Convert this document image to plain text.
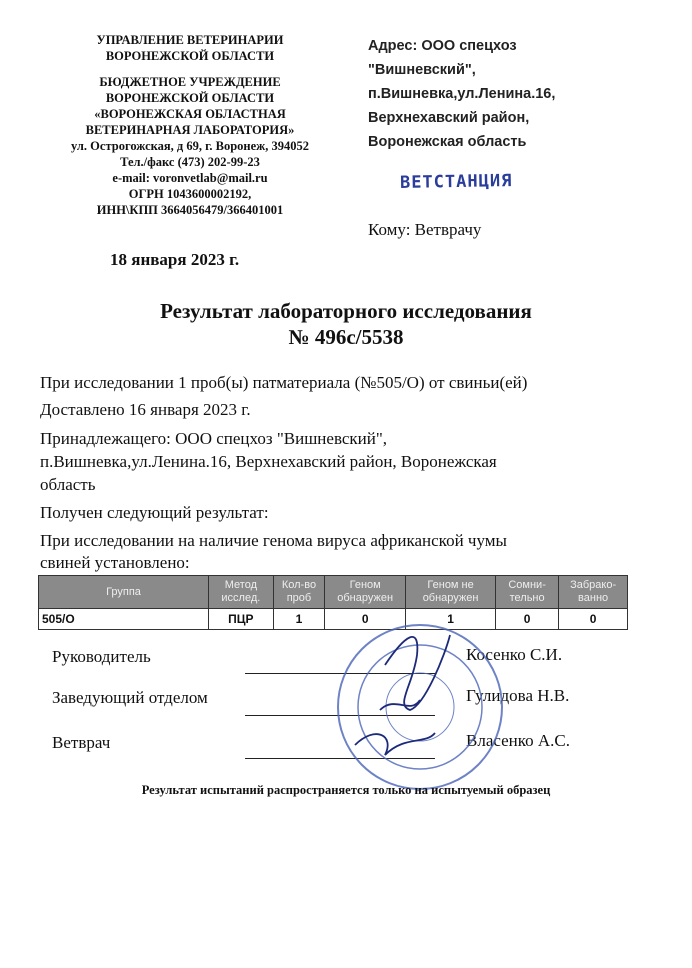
УПРАВЛЕНИЕ ВЕТЕРИНАРИИ
ВОРОНЕЖСКОЙ ОБЛАСТИ
БЮДЖЕТНОЕ УЧРЕЖДЕНИЕ
ВОРОНЕЖСКОЙ ОБЛАСТИ
«ВОРОНЕЖСКАЯ ОБЛАСТНАЯ
ВЕТЕРИНАРНАЯ ЛАБОРАТОРИЯ»
ул. Острогожская, д 69, г. Воронеж, 394052
Тел./факс (473) 202-99-23
e-mail: voronvetlab@mail.ru
ОГРН 1043600002192,
ИНН\КПП 3664056479/366401001
Адрес: ООО спецхоз
"Вишневский",
п.Вишневка,ул.Ленина.16,
Верхнехавский район,
Воронежская область
ВЕТСТАНЦИЯ
Кому: Ветврачу
18 января 2023 г.
Результат лабораторного исследования
№ 496с/5538
При исследовании 1 проб(ы) патматериала (№505/О) от свиньи(ей)
Доставлено 16 января 2023 г.
Принадлежащего: ООО спецхоз "Вишневский",
п.Вишневка,ул.Ленина.16, Верхнехавский район, Воронежская
область
Получен следующий результат:
При исследовании на наличие генома вируса африканской чумы
свиней установлено:
Группа	Метод исслед.	Кол-во проб	Геном обнаружен	Геном не обнаружен	Сомни-тельно	Забрако-ванно
505/О	ПЦР	1	0	1	0	0
Руководитель	Косенко С.И.
Заведующий отделом	Гулидова Н.В.
Ветврач	Власенко А.С.
Результат испытаний распространяется только на испытуемый образец
